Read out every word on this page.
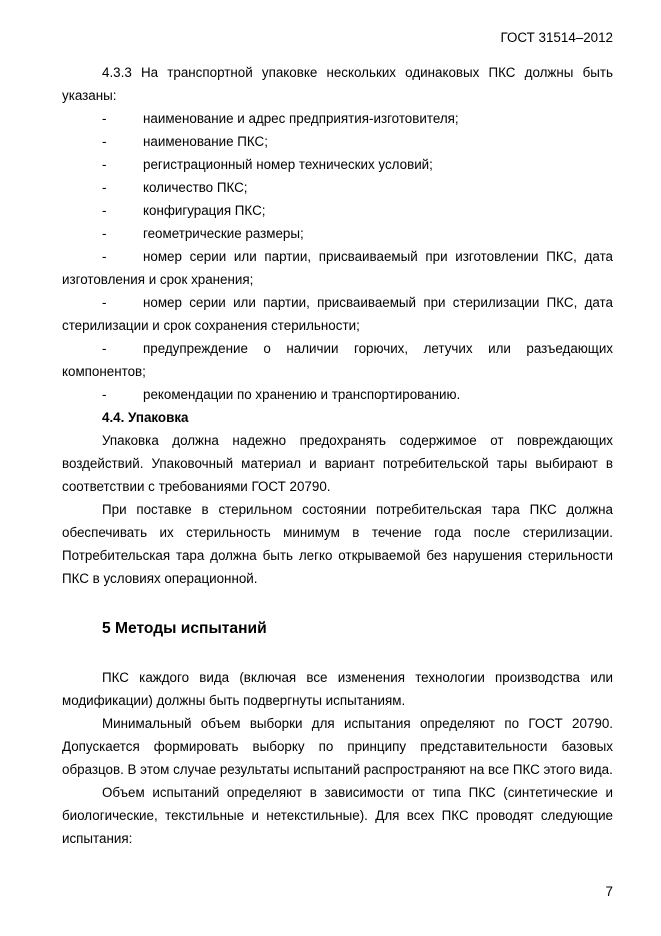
ГОСТ 31514–2012

4.3.3 На транспортной упаковке нескольких одинаковых ПКС должны быть указаны:

-	наименование и адрес предприятия-изготовителя;

-	наименование ПКС;

-	регистрационный номер технических условий;

-	количество ПКС;

-	конфигурация ПКС;

-	геометрические размеры;

-	номер серии или партии, присваиваемый при изготовлении ПКС, дата изготовления и срок хранения;

-	номер серии или партии, присваиваемый при стерилизации ПКС, дата стерилизации и срок сохранения стерильности;

-	предупреждение о наличии горючих, летучих или разъедающих компонентов;

-	рекомендации по хранению и транспортированию.

4.4. Упаковка

Упаковка должна надежно предохранять содержимое от повреждающих воздействий. Упаковочный материал и вариант потребительской тары выбирают в соответствии с требованиями ГОСТ 20790.

При поставке в стерильном состоянии потребительская тара ПКС должна обеспечивать их стерильность минимум в течение года после стерилизации. Потребительская тара должна быть легко открываемой без нарушения стерильности ПКС в условиях операционной.

5 Методы испытаний

ПКС каждого вида (включая все изменения технологии производства или модификации) должны быть подвергнуты испытаниям.

Минимальный объем выборки для испытания определяют по ГОСТ 20790. Допускается формировать выборку по принципу представительности базовых образцов. В этом случае результаты испытаний распространяют на все ПКС этого вида.

Объем испытаний определяют в зависимости от типа ПКС (синтетические и биологические, текстильные и нетекстильные). Для всех ПКС проводят следующие испытания:

7
